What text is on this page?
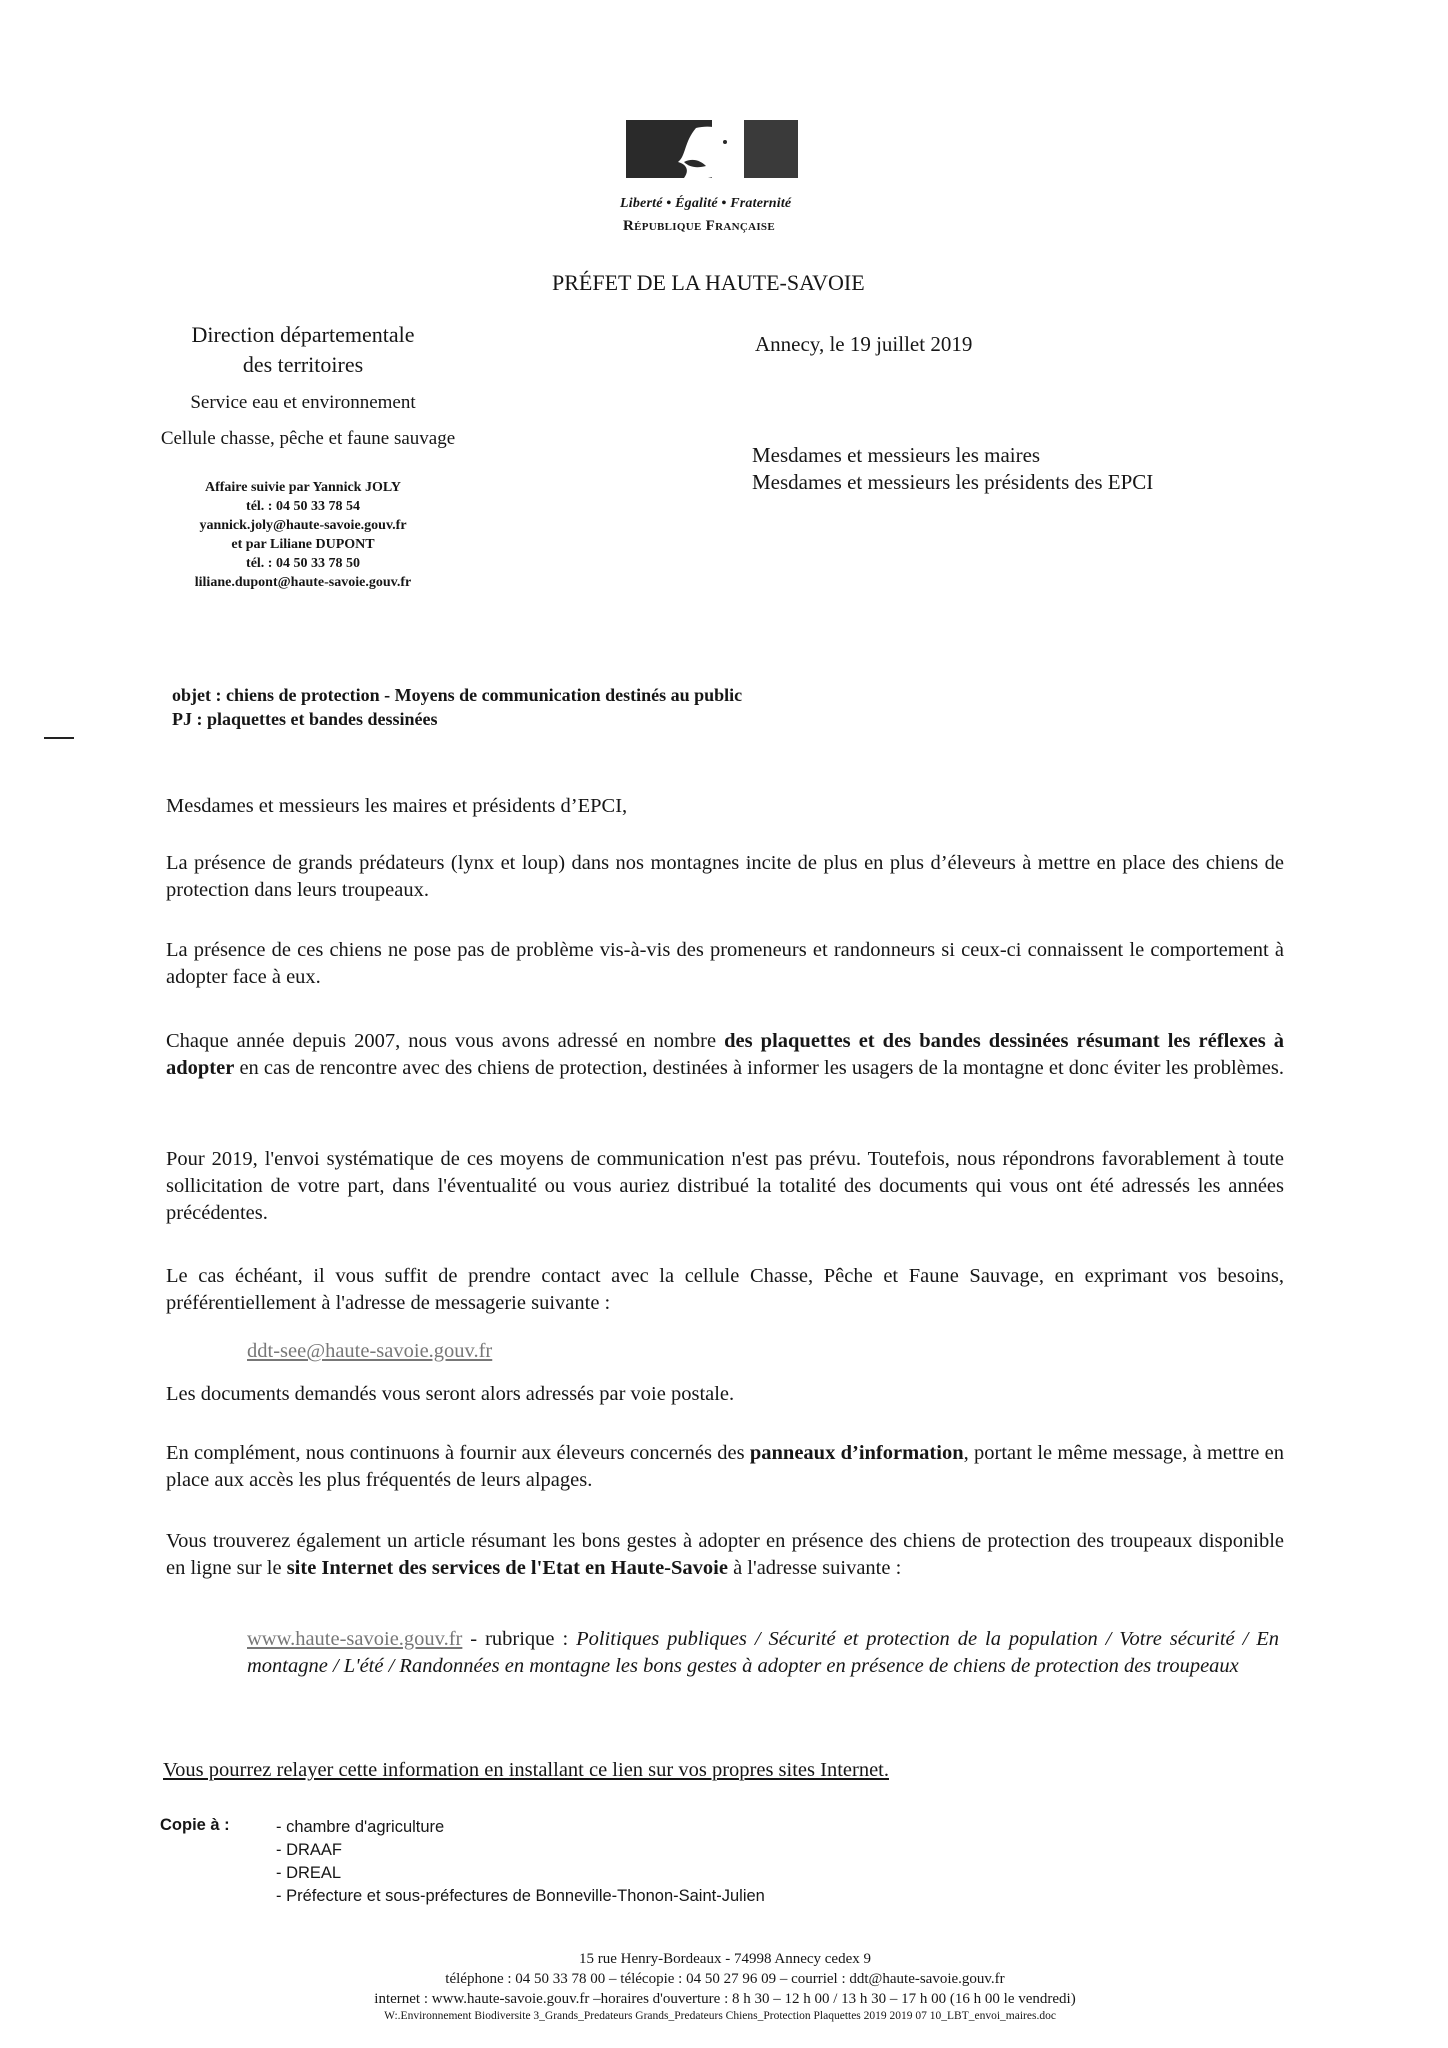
Liberté • Égalité • Fraternité
République Française
PRÉFET DE LA HAUTE-SAVOIE
Direction départementale
des territoires
Service eau et environnement
Cellule chasse, pêche et faune sauvage
Affaire suivie par Yannick JOLY
tél. : 04 50 33 78 54
yannick.joly@haute-savoie.gouv.fr
et par Liliane DUPONT
tél. : 04 50 33 78 50
liliane.dupont@haute-savoie.gouv.fr
Annecy, le 19 juillet 2019
Mesdames et messieurs les maires
Mesdames et messieurs les présidents des EPCI
objet : chiens de protection - Moyens de communication destinés au public
PJ : plaquettes et bandes dessinées
Mesdames et messieurs les maires et présidents d’EPCI,
La présence de grands prédateurs (lynx et loup) dans nos montagnes incite de plus en plus d’éleveurs à mettre en place des chiens de protection dans leurs troupeaux.
La présence de ces chiens ne pose pas de problème vis-à-vis des promeneurs et randonneurs si ceux-ci connaissent le comportement à adopter face à eux.
Chaque année depuis 2007, nous vous avons adressé en nombre des plaquettes et des bandes dessinées résumant les réflexes à adopter en cas de rencontre avec des chiens de protection, destinées à informer les usagers de la montagne et donc éviter les problèmes.
Pour 2019, l'envoi systématique de ces moyens de communication n'est pas prévu. Toutefois, nous répondrons favorablement à toute sollicitation de votre part, dans l'éventualité ou vous auriez distribué la totalité des documents qui vous ont été adressés les années précédentes.
Le cas échéant, il vous suffit de prendre contact avec la cellule Chasse, Pêche et Faune Sauvage, en exprimant vos besoins, préférentiellement à l'adresse de messagerie suivante :
ddt-see@haute-savoie.gouv.fr
Les documents demandés vous seront alors adressés par voie postale.
En complément, nous continuons à fournir aux éleveurs concernés des panneaux d’information, portant le même message, à mettre en place aux accès les plus fréquentés de leurs alpages.
Vous trouverez également un article résumant les bons gestes à adopter en présence des chiens de protection des troupeaux disponible en ligne sur le site Internet des services de l'Etat en Haute-Savoie à l'adresse suivante :
www.haute-savoie.gouv.fr - rubrique : Politiques publiques / Sécurité et protection de la population / Votre sécurité / En montagne / L'été / Randonnées en montagne les bons gestes à adopter en présence de chiens de protection des troupeaux
Vous pourrez relayer cette information en installant ce lien sur vos propres sites Internet.
Copie à :	- chambre d'agriculture
- DRAAF
- DREAL
- Préfecture et sous-préfectures de Bonneville-Thonon-Saint-Julien
15 rue Henry-Bordeaux - 74998 Annecy cedex 9
téléphone : 04 50 33 78 00 – télécopie : 04 50 27 96 09 – courriel : ddt@haute-savoie.gouv.fr
internet : www.haute-savoie.gouv.fr –horaires d'ouverture : 8 h 30 – 12 h 00 / 13 h 30 – 17 h 00 (16 h 00 le vendredi)
W:.Environnement Biodiversite 3_Grands_Predateurs Grands_Predateurs Chiens_Protection Plaquettes 2019 2019 07 10_LBT_envoi_maires.doc
